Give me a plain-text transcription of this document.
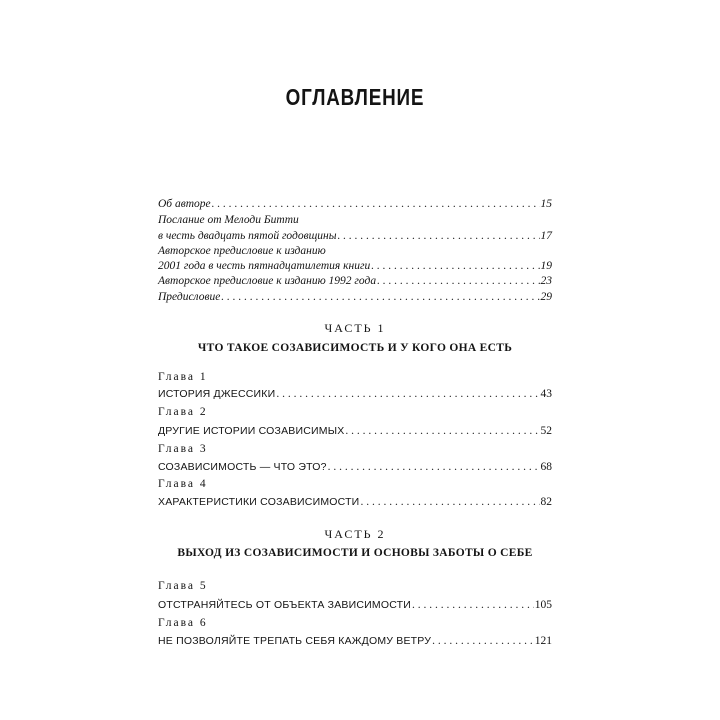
ОГЛАВЛЕНИЕ
Об авторе . . .	15
Послание от Мелоди Битти
в честь двадцать пятой годовщины . . .	17
Авторское предисловие к изданию
2001 года в честь пятнадцатилетия книги . . .	19
Авторское предисловие к изданию 1992 года . . .	23
Предисловие . . .	29
ЧАСТЬ 1
ЧТО ТАКОЕ СОЗАВИСИМОСТЬ И У КОГО ОНА ЕСТЬ
Глава 1
ИСТОРИЯ ДЖЕССИКИ . . .	43
Глава 2
ДРУГИЕ ИСТОРИИ СОЗАВИСИМЫХ . . .	52
Глава 3
СОЗАВИСИМОСТЬ — ЧТО ЭТО? . . .	68
Глава 4
ХАРАКТЕРИСТИКИ СОЗАВИСИМОСТИ . . .	82
ЧАСТЬ 2
ВЫХОД ИЗ СОЗАВИСИМОСТИ И ОСНОВЫ ЗАБОТЫ О СЕБЕ
Глава 5
ОТСТРАНЯЙТЕСЬ ОТ ОБЪЕКТА ЗАВИСИМОСТИ . . .	105
Глава 6
НЕ ПОЗВОЛЯЙТЕ ТРЕПАТЬ СЕБЯ КАЖДОМУ ВЕТРУ . . .	121
